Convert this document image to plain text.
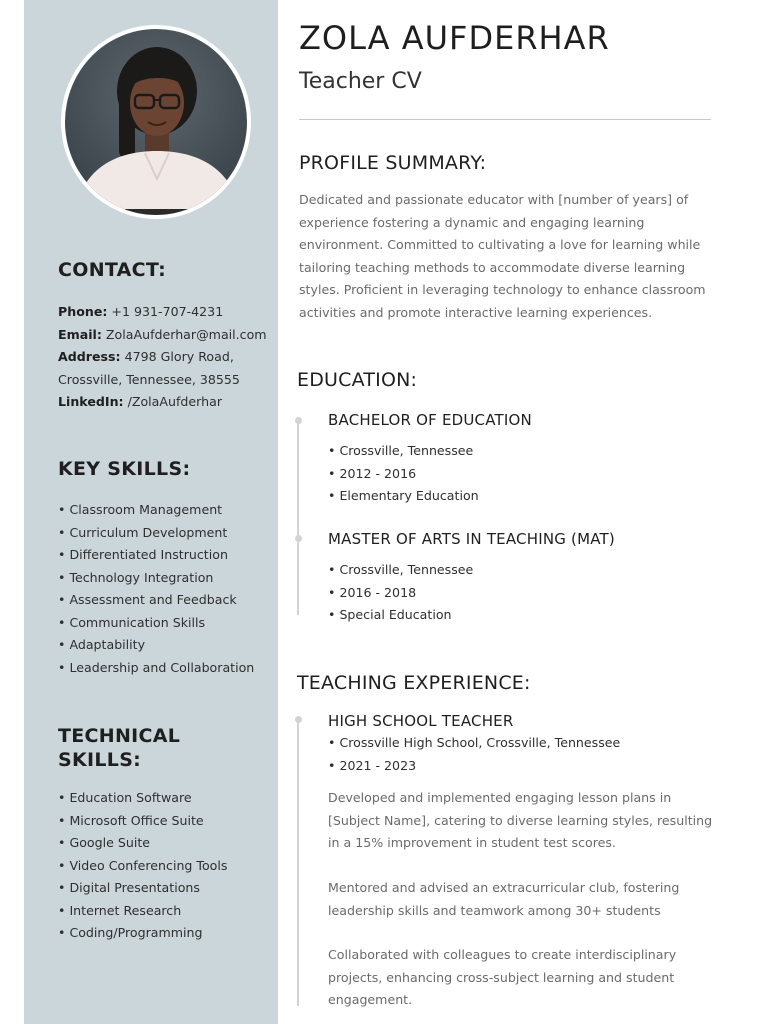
CONTACT:

Phone: +1 931-707-4231

Email: ZolaAufderhar@mail.com

Address: 4798 Glory Road,

Crossville, Tennessee, 38555

LinkedIn: /ZolaAufderhar

KEY SKILLS:
• Classroom Management
• Curriculum Development
• Differentiated Instruction
• Technology Integration
• Assessment and Feedback
• Communication Skills
• Adaptability
• Leadership and Collaboration
TECHNICAL
SKILLS:
• Education Software
• Microsoft Office Suite
• Google Suite
• Video Conferencing Tools
• Digital Presentations
• Internet Research
• Coding/Programming
ZOLA AUFDERHAR
Teacher CV
PROFILE SUMMARY:
Dedicated and passionate educator with [number of years] of experience fostering a dynamic and engaging learning environment. Committed to cultivating a love for learning while tailoring teaching methods to accommodate diverse learning styles. Proficient in leveraging technology to enhance classroom activities and promote interactive learning experiences.
EDUCATION:
BACHELOR OF EDUCATION
• Crossville, Tennessee
• 2012 - 2016
• Elementary Education
MASTER OF ARTS IN TEACHING (MAT)
• Crossville, Tennessee
• 2016 - 2018
• Special Education
TEACHING EXPERIENCE:
HIGH SCHOOL TEACHER
• Crossville High School, Crossville, Tennessee
• 2021 - 2023
Developed and implemented engaging lesson plans in [Subject Name], catering to diverse learning styles, resulting in a 15% improvement in student test scores.
Mentored and advised an extracurricular club, fostering leadership skills and teamwork among 30+ students
Collaborated with colleagues to create interdisciplinary projects, enhancing cross-subject learning and student engagement.
